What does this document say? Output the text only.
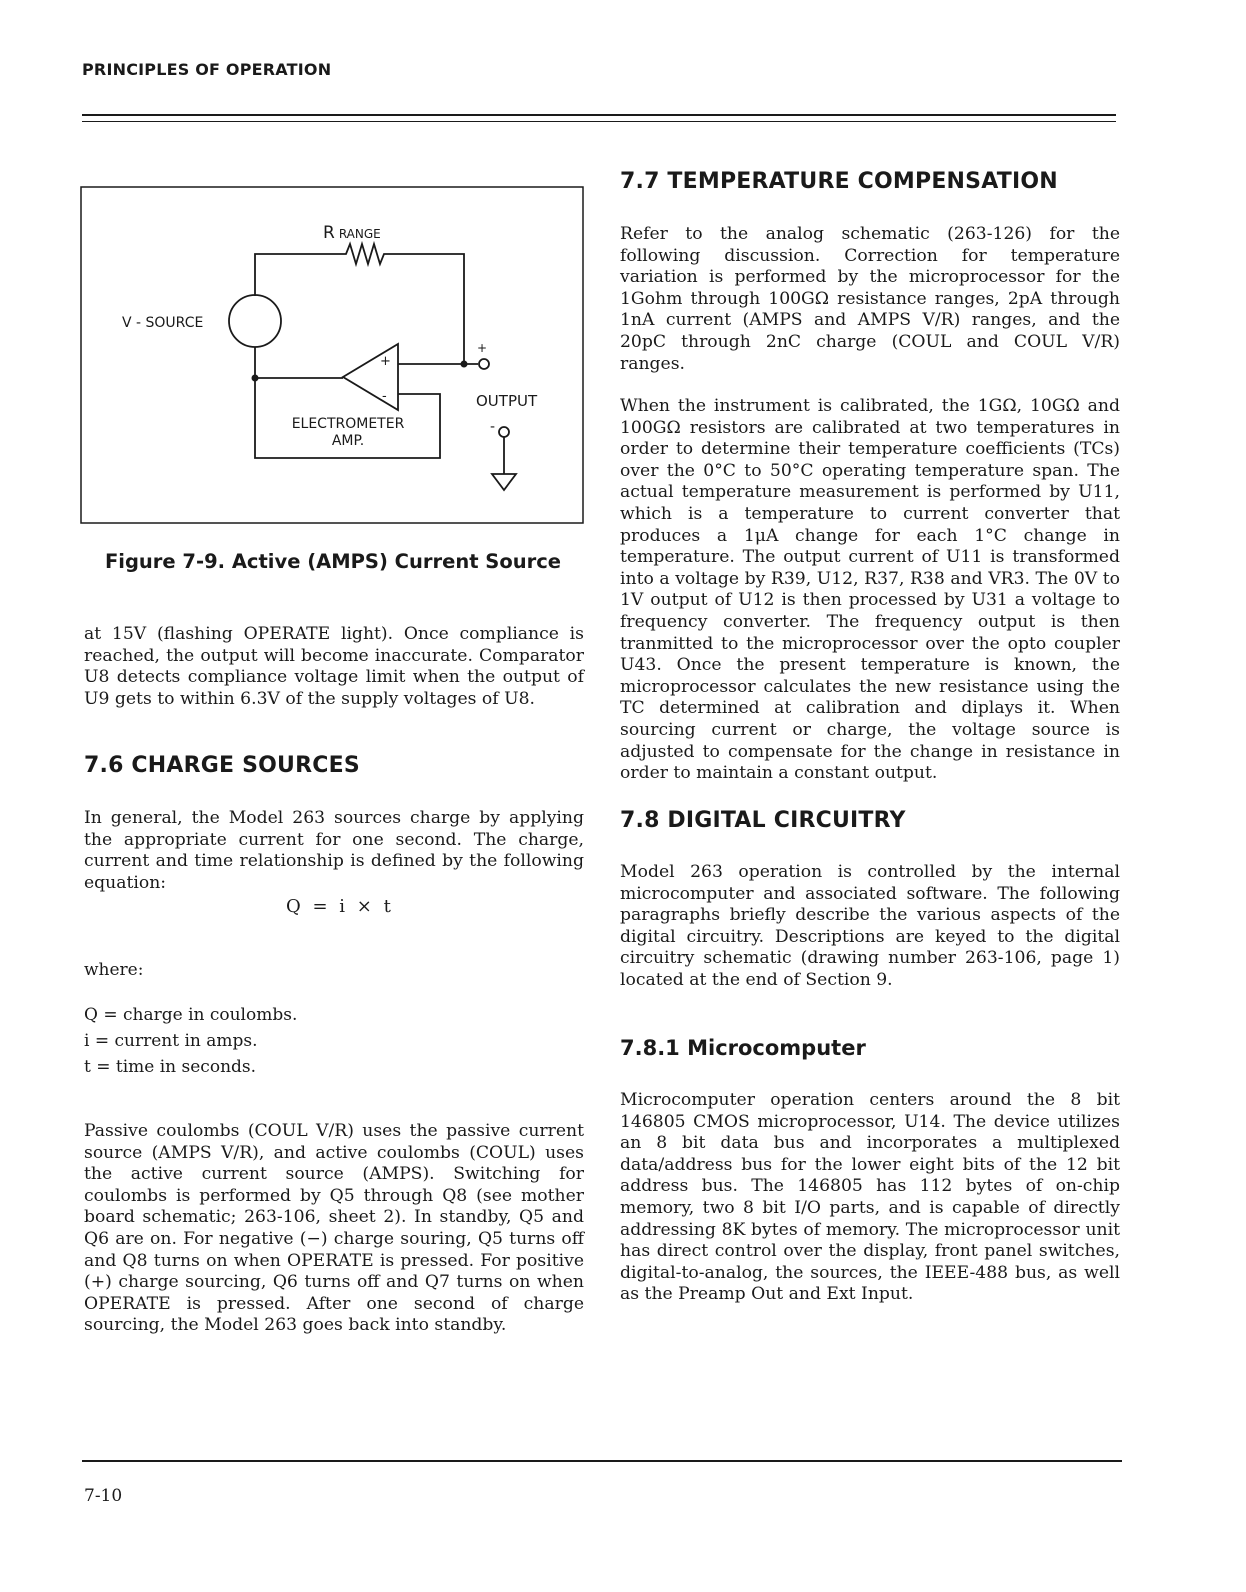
PRINCIPLES OF OPERATION
R RANGE
V - SOURCE
+
-
+
-
OUTPUT
ELECTROMETER
AMP.
Figure 7-9. Active (AMPS) Current Source

at 15V (flashing OPERATE light). Once compliance is reached, the output will become inaccurate. Comparator U8 detects compliance voltage limit when the output of U9 gets to within 6.3V of the supply voltages of U8.

7.6 CHARGE SOURCES

In general, the Model 263 sources charge by applying the appropriate current for one second. The charge, current and time relationship is defined by the following equation:

Q = i × t
where:
Q = charge in coulombs.
i = current in amps.
t = time in seconds.

Passive coulombs (COUL V/R) uses the passive current source (AMPS V/R), and active coulombs (COUL) uses the active current source (AMPS). Switching for coulombs is performed by Q5 through Q8 (see mother board schematic; 263-106, sheet 2). In standby, Q5 and Q6 are on. For negative (−) charge souring, Q5 turns off and Q8 turns on when OPERATE is pressed. For positive (+) charge sourcing, Q6 turns off and Q7 turns on when OPERATE is pressed. After one second of charge sourcing, the Model 263 goes back into standby.

7.7 TEMPERATURE COMPENSATION

Refer to the analog schematic (263-126) for the following discussion. Correction for temperature variation is performed by the microprocessor for the 1Gohm through 100GΩ resistance ranges, 2pA through 1nA current (AMPS and AMPS V/R) ranges, and the 20pC through 2nC charge (COUL and COUL V/R) ranges.

When the instrument is calibrated, the 1GΩ, 10GΩ and 100GΩ resistors are calibrated at two temperatures in order to determine their temperature coefficients (TCs) over the 0°C to 50°C operating temperature span. The actual temperature measurement is performed by U11, which is a temperature to current converter that produces a 1μA change for each 1°C change in temperature. The output current of U11 is transformed into a voltage by R39, U12, R37, R38 and VR3. The 0V to 1V output of U12 is then processed by U31 a voltage to frequency converter. The frequency output is then tranmitted to the microprocessor over the opto coupler U43. Once the present temperature is known, the microprocessor calculates the new resistance using the TC determined at calibration and diplays it. When sourcing current or charge, the voltage source is adjusted to compensate for the change in resistance in order to maintain a constant output.

7.8 DIGITAL CIRCUITRY

Model 263 operation is controlled by the internal microcomputer and associated software. The following paragraphs briefly describe the various aspects of the digital circuitry. Descriptions are keyed to the digital circuitry schematic (drawing number 263-106, page 1) located at the end of Section 9.

7.8.1 Microcomputer

Microcomputer operation centers around the 8 bit 146805 CMOS microprocessor, U14. The device utilizes an 8 bit data bus and incorporates a multiplexed data/address bus for the lower eight bits of the 12 bit address bus. The 146805 has 112 bytes of on-chip memory, two 8 bit I/O parts, and is capable of directly addressing 8K bytes of memory. The microprocessor unit has direct control over the display, front panel switches, digital-to-analog, the sources, the IEEE-488 bus, as well as the Preamp Out and Ext Input.

7-10
